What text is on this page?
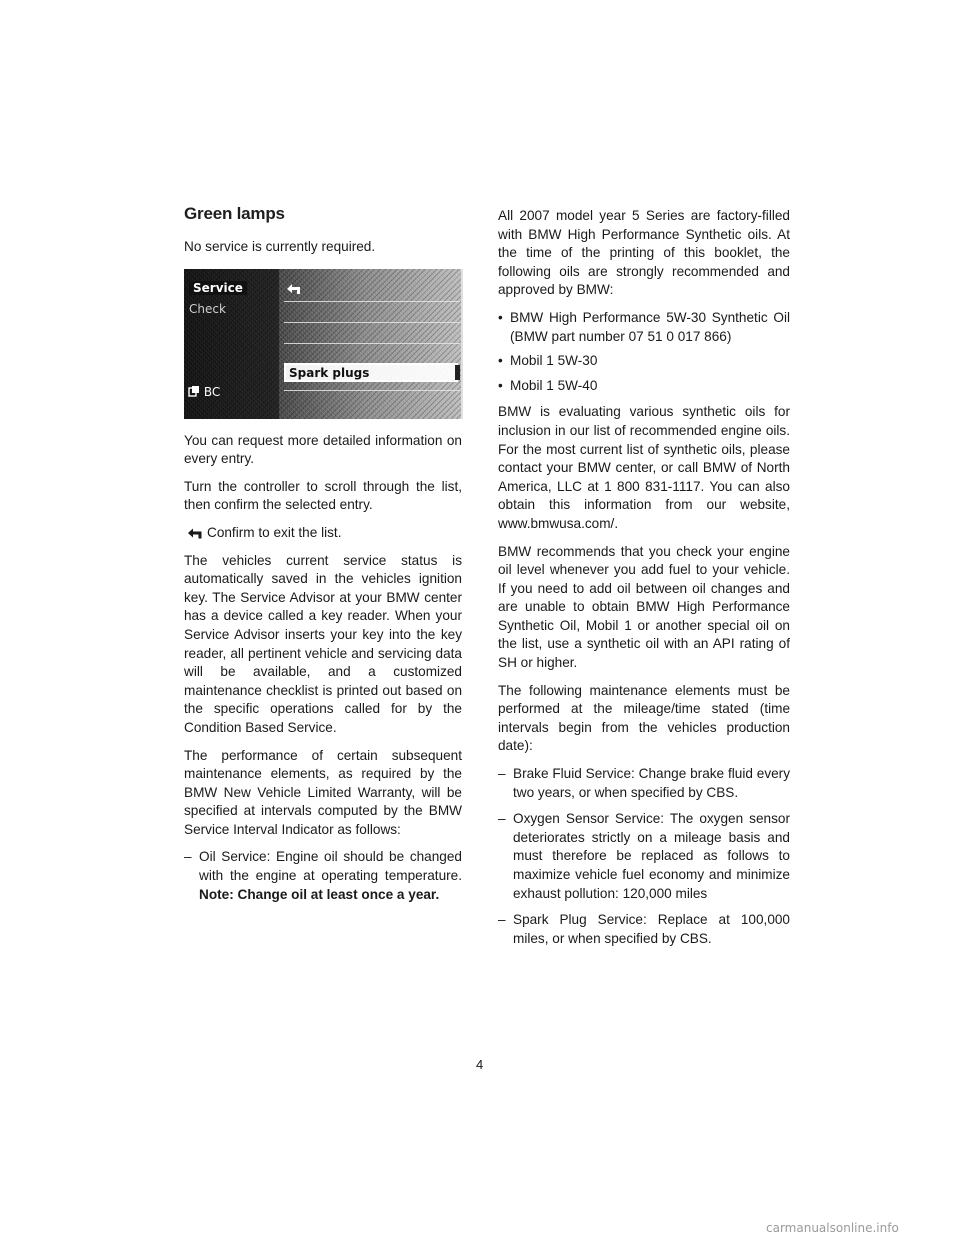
Green lamps

No service is currently required.

Service
Check
BC
Spark plugs

You can request more detailed information on every entry.

Turn the controller to scroll through the list, then confirm the selected entry.

Confirm to exit the list.

The vehicles current service status is automatically saved in the vehicles ignition key. The Service Advisor at your BMW center has a device called a key reader. When your Service Advisor inserts your key into the key reader, all pertinent vehicle and servicing data will be available, and a customized maintenance checklist is printed out based on the specific operations called for by the Condition Based Service.

The performance of certain subsequent maintenance elements, as required by the BMW New Vehicle Limited Warranty, will be specified at intervals computed by the BMW Service Interval Indicator as follows:

– Oil Service: Engine oil should be changed with the engine at operating temperature. Note: Change oil at least once a year.

All 2007 model year 5 Series are factory-filled with BMW High Performance Synthetic oils. At the time of the printing of this booklet, the following oils are strongly recommended and approved by BMW:

• BMW High Performance 5W-30 Synthetic Oil (BMW part number 07 51 0 017 866)
• Mobil 1 5W-30
• Mobil 1 5W-40

BMW is evaluating various synthetic oils for inclusion in our list of recommended engine oils. For the most current list of synthetic oils, please contact your BMW center, or call BMW of North America, LLC at 1 800 831-1117. You can also obtain this information from our website, www.bmwusa.com/.

BMW recommends that you check your engine oil level whenever you add fuel to your vehicle. If you need to add oil between oil changes and are unable to obtain BMW High Performance Synthetic Oil, Mobil 1 or another special oil on the list, use a synthetic oil with an API rating of SH or higher.

The following maintenance elements must be performed at the mileage/time stated (time intervals begin from the vehicles production date):

– Brake Fluid Service: Change brake fluid every two years, or when specified by CBS.
– Oxygen Sensor Service: The oxygen sensor deteriorates strictly on a mileage basis and must therefore be replaced as follows to maximize vehicle fuel economy and minimize exhaust pollution: 120,000 miles
– Spark Plug Service: Replace at 100,000 miles, or when specified by CBS.
4
carmanualsonline.info
